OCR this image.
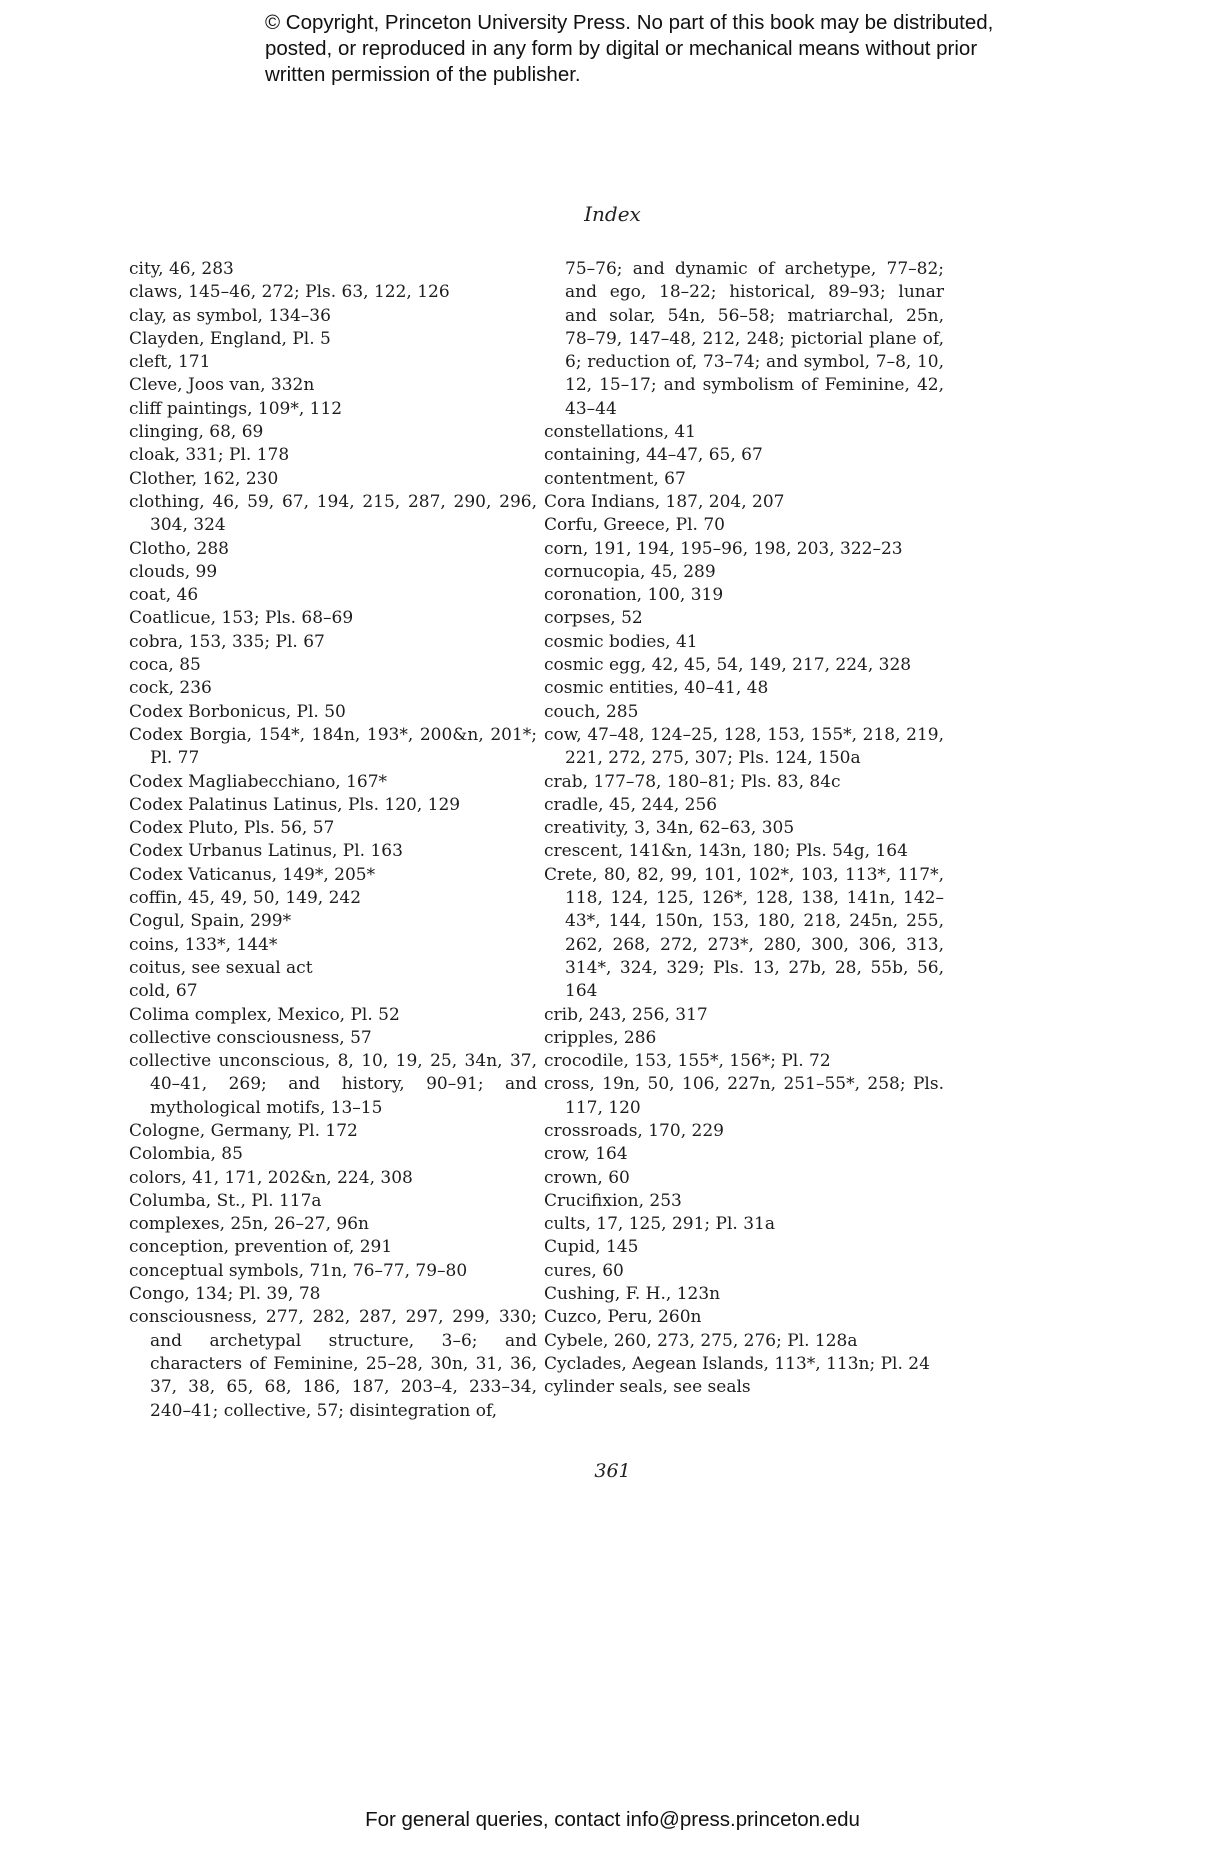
© Copyright, Princeton University Press. No part of this book may be distributed, posted, or reproduced in any form by digital or mechanical means without prior written permission of the publisher.
Index

city, 46, 283

claws, 145–46, 272; Pls. 63, 122, 126

clay, as symbol, 134–36

Clayden, England, Pl. 5

cleft, 171

Cleve, Joos van, 332n

cliff paintings, 109*, 112

clinging, 68, 69

cloak, 331; Pl. 178

Clother, 162, 230

clothing, 46, 59, 67, 194, 215, 287, 290, 296, 304, 324

Clotho, 288

clouds, 99

coat, 46

Coatlicue, 153; Pls. 68–69

cobra, 153, 335; Pl. 67

coca, 85

cock, 236

Codex Borbonicus, Pl. 50

Codex Borgia, 154*, 184n, 193*, 200&n, 201*; Pl. 77

Codex Magliabecchiano, 167*

Codex Palatinus Latinus, Pls. 120, 129

Codex Pluto, Pls. 56, 57

Codex Urbanus Latinus, Pl. 163

Codex Vaticanus, 149*, 205*

coffin, 45, 49, 50, 149, 242

Cogul, Spain, 299*

coins, 133*, 144*

coitus, see sexual act

cold, 67

Colima complex, Mexico, Pl. 52

collective consciousness, 57

collective unconscious, 8, 10, 19, 25, 34n, 37, 40–41, 269; and history, 90–91; and mythological motifs, 13–15

Cologne, Germany, Pl. 172

Colombia, 85

colors, 41, 171, 202&n, 224, 308

Columba, St., Pl. 117a

complexes, 25n, 26–27, 96n

conception, prevention of, 291

conceptual symbols, 71n, 76–77, 79–80

Congo, 134; Pl. 39, 78

consciousness, 277, 282, 287, 297, 299, 330; and archetypal structure, 3–6; and characters of Feminine, 25–28, 30n, 31, 36, 37, 38, 65, 68, 186, 187, 203–4, 233–34, 240–41; collective, 57; disintegration of,

75–76; and dynamic of archetype, 77–82; and ego, 18–22; historical, 89–93; lunar and solar, 54n, 56–58; matriarchal, 25n, 78–79, 147–48, 212, 248; pictorial plane of, 6; reduction of, 73–74; and symbol, 7–8, 10, 12, 15–17; and symbolism of Feminine, 42, 43–44

constellations, 41

containing, 44–47, 65, 67

contentment, 67

Cora Indians, 187, 204, 207

Corfu, Greece, Pl. 70

corn, 191, 194, 195–96, 198, 203, 322–23

cornucopia, 45, 289

coronation, 100, 319

corpses, 52

cosmic bodies, 41

cosmic egg, 42, 45, 54, 149, 217, 224, 328

cosmic entities, 40–41, 48

couch, 285

cow, 47–48, 124–25, 128, 153, 155*, 218, 219, 221, 272, 275, 307; Pls. 124, 150a

crab, 177–78, 180–81; Pls. 83, 84c

cradle, 45, 244, 256

creativity, 3, 34n, 62–63, 305

crescent, 141&n, 143n, 180; Pls. 54g, 164

Crete, 80, 82, 99, 101, 102*, 103, 113*, 117*, 118, 124, 125, 126*, 128, 138, 141n, 142–43*, 144, 150n, 153, 180, 218, 245n, 255, 262, 268, 272, 273*, 280, 300, 306, 313, 314*, 324, 329; Pls. 13, 27b, 28, 55b, 56, 164

crib, 243, 256, 317

cripples, 286

crocodile, 153, 155*, 156*; Pl. 72

cross, 19n, 50, 106, 227n, 251–55*, 258; Pls. 117, 120

crossroads, 170, 229

crow, 164

crown, 60

Crucifixion, 253

cults, 17, 125, 291; Pl. 31a

Cupid, 145

cures, 60

Cushing, F. H., 123n

Cuzco, Peru, 260n

Cybele, 260, 273, 275, 276; Pl. 128a

Cyclades, Aegean Islands, 113*, 113n; Pl. 24

cylinder seals, see seals

361
For general queries, contact info@press.princeton.edu
